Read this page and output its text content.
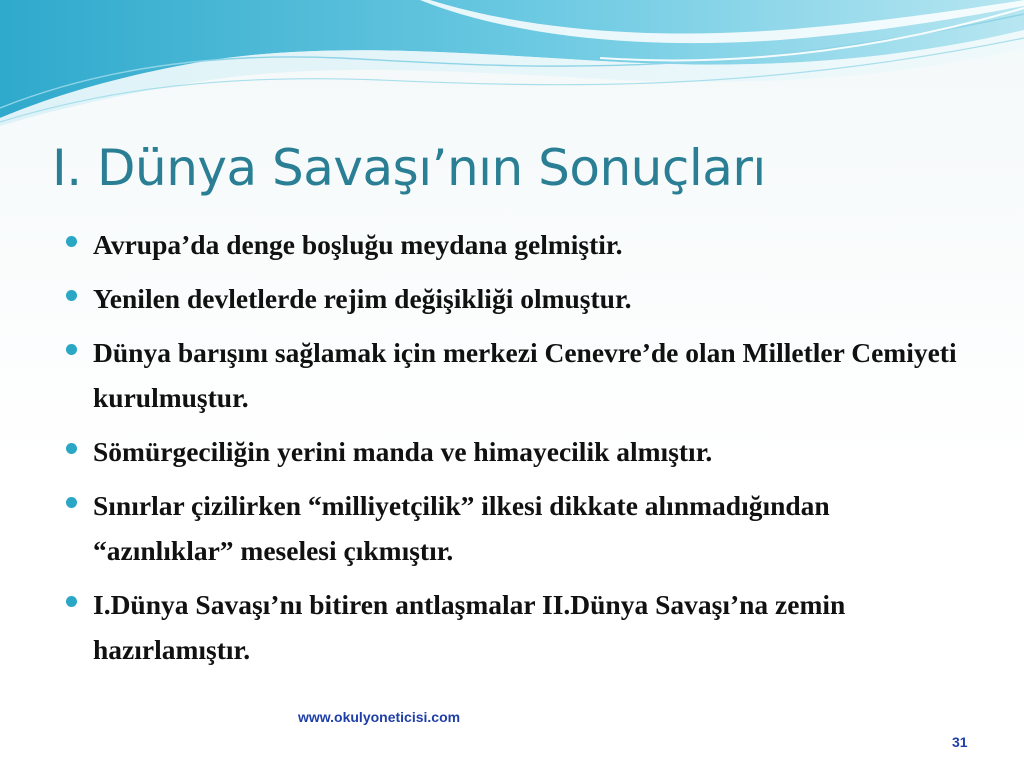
I. Dünya Savaşı’nın Sonuçları
Avrupa’da denge boşluğu meydana gelmiştir.
Yenilen devletlerde rejim değişikliği olmuştur.
Dünya barışını sağlamak için merkezi Cenevre’de olan Milletler Cemiyeti kurulmuştur.
Sömürgeciliğin yerini manda ve himayecilik almıştır.
Sınırlar çizilirken “milliyetçilik” ilkesi dikkate alınmadığından “azınlıklar” meselesi çıkmıştır.
I.Dünya Savaşı’nı bitiren antlaşmalar II.Dünya Savaşı’na zemin hazırlamıştır.
www.okulyoneticisi.com
31
